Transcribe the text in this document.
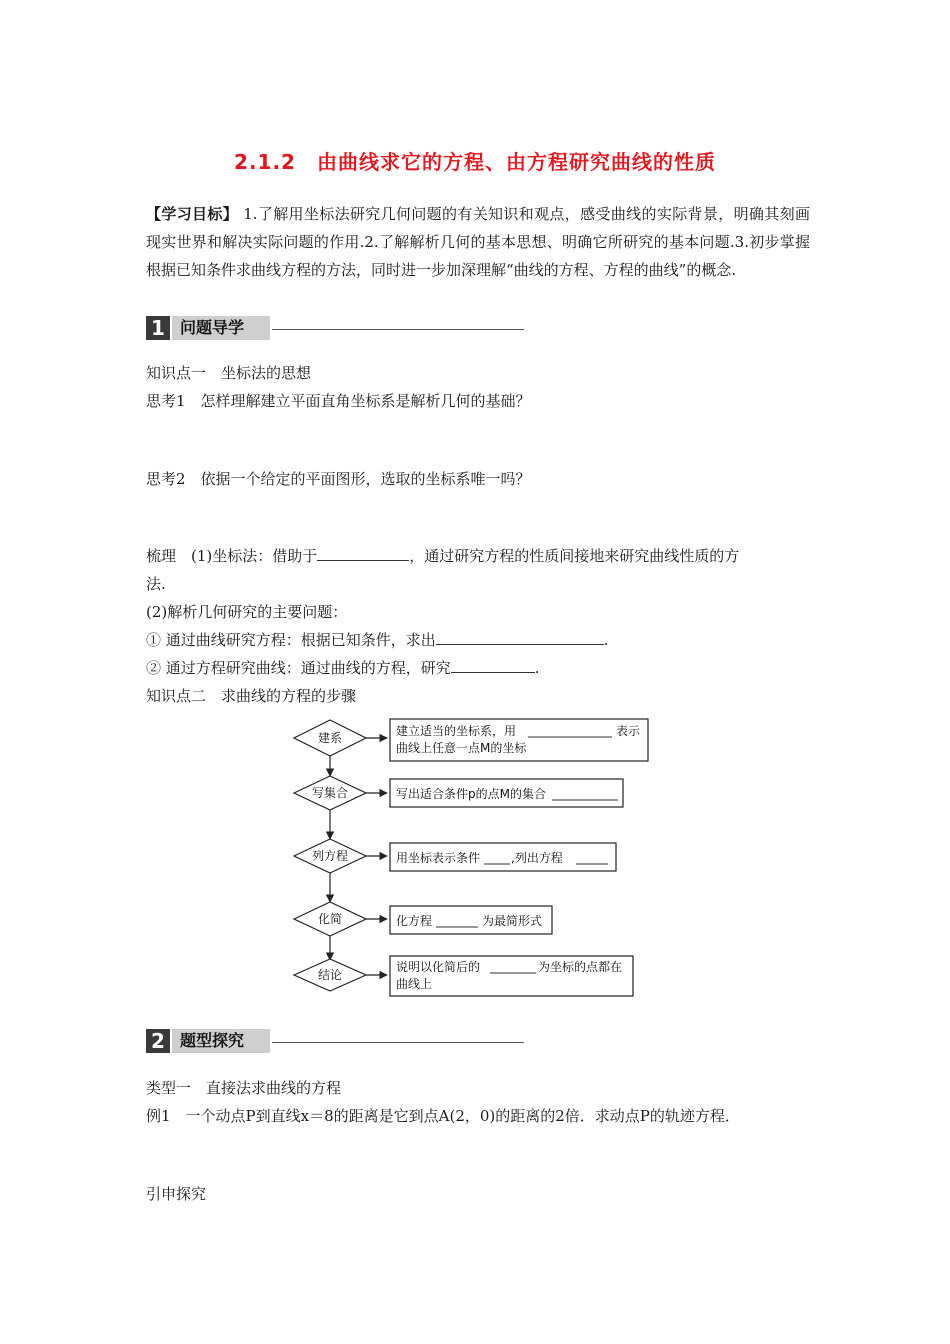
2.1.2　由曲线求它的方程、由方程研究曲线的性质
【学习目标】 1.了解用坐标法研究几何问题的有关知识和观点，感受曲线的实际背景，明确其刻画现实世界和解决实际问题的作用.2.了解解析几何的基本思想、明确它所研究的基本问题.3.初步掌握根据已知条件求曲线方程的方法，同时进一步加深理解“曲线的方程、方程的曲线”的概念.
1 问题导学
知识点一　坐标法的思想
思考1　怎样理解建立平面直角坐标系是解析几何的基础？
思考2　依据一个给定的平面图形，选取的坐标系唯一吗？
梳理　(1)坐标法：借助于	，通过研究方程的性质间接地来研究曲线性质的方
法.
(2)解析几何研究的主要问题：
① 通过曲线研究方程：根据已知条件，求出	.
② 通过方程研究曲线：通过曲线的方程，研究	.
知识点二　求曲线的方程的步骤
建系
写集合
列方程
化简
结论
建立适当的坐标系，用	表示
曲线上任意一点M的坐标
写出适合条件p的点M的集合
用坐标表示条件	,列出方程
化方程	为最简形式
说明以化简后的	为坐标的点都在
曲线上
2 题型探究
类型一　直接法求曲线的方程
例1　一个动点P到直线x＝8的距离是它到点A(2，0)的距离的2倍．求动点P的轨迹方程．
引申探究
